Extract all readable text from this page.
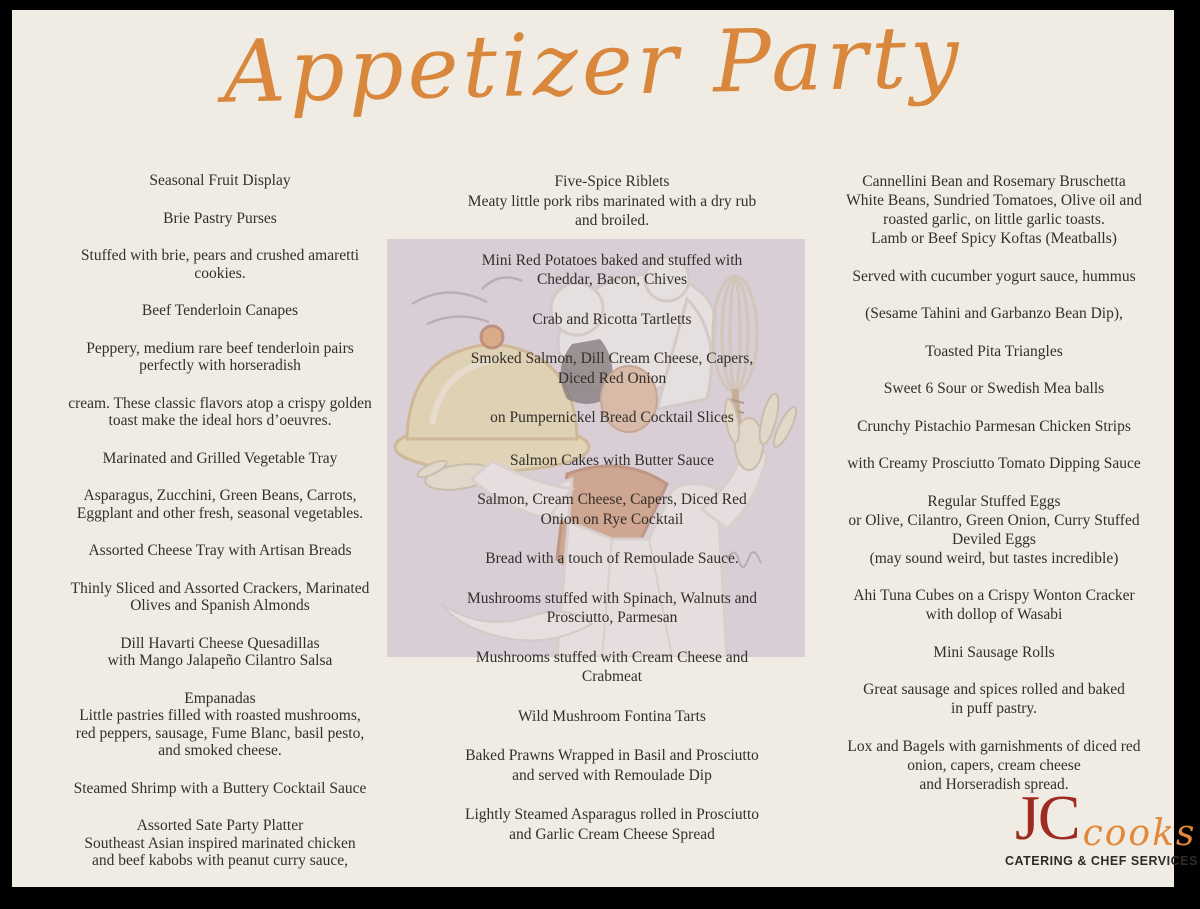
Appetizer Party

Seasonal Fruit Display

Brie Pastry Purses

Stuffed with brie, pears and crushed amaretti
cookies.

Beef Tenderloin Canapes

Peppery, medium rare beef tenderloin pairs
perfectly with horseradish

cream. These classic flavors atop a crispy golden
toast make the ideal hors d’oeuvres.

Marinated and Grilled Vegetable Tray

Asparagus, Zucchini, Green Beans, Carrots,
Eggplant and other fresh, seasonal vegetables.

Assorted Cheese Tray with Artisan Breads

Thinly Sliced and Assorted Crackers, Marinated
Olives and Spanish Almonds

Dill Havarti Cheese Quesadillas
with Mango Jalapeño Cilantro Salsa

Empanadas
Little pastries filled with roasted mushrooms,
red peppers, sausage, Fume Blanc, basil pesto,
and smoked cheese.

Steamed Shrimp with a Buttery Cocktail Sauce

Assorted Sate Party Platter
Southeast Asian inspired marinated chicken
and beef kabobs with peanut curry sauce,

Five-Spice Riblets
Meaty little pork ribs marinated with a dry rub
and broiled.

Mini Red Potatoes baked and stuffed with
Cheddar, Bacon, Chives

Crab and Ricotta Tartletts

Smoked Salmon, Dill Cream Cheese, Capers,
Diced Red Onion

on Pumpernickel Bread Cocktail Slices

Salmon Cakes with Butter Sauce

Salmon, Cream Cheese, Capers, Diced Red
Onion on Rye Cocktail

Bread with a touch of Remoulade Sauce.

Mushrooms stuffed with Spinach, Walnuts and
Prosciutto, Parmesan

Mushrooms stuffed with Cream Cheese and
Crabmeat

Wild Mushroom Fontina Tarts

Baked Prawns Wrapped in Basil and Prosciutto
and served with Remoulade Dip

Lightly Steamed Asparagus rolled in Prosciutto
and Garlic Cream Cheese Spread

Cannellini Bean and Rosemary Bruschetta
White Beans, Sundried Tomatoes, Olive oil and
roasted garlic, on little garlic toasts.
Lamb or Beef Spicy Koftas (Meatballs)

Served with cucumber yogurt sauce, hummus

(Sesame Tahini and Garbanzo Bean Dip),

Toasted Pita Triangles

Sweet 6 Sour or Swedish Mea balls

Crunchy Pistachio Parmesan Chicken Strips

with Creamy Prosciutto Tomato Dipping Sauce

Regular Stuffed Eggs
or Olive, Cilantro, Green Onion, Curry Stuffed
Deviled Eggs
(may sound weird, but tastes incredible)

Ahi Tuna Cubes on a Crispy Wonton Cracker
with dollop of Wasabi

Mini Sausage Rolls

Great sausage and spices rolled and baked
in puff pastry.

Lox and Bagels with garnishments of diced red
onion, capers, cream cheese
and Horseradish spread.

JC cooks
CATERING & CHEF SERVICES
